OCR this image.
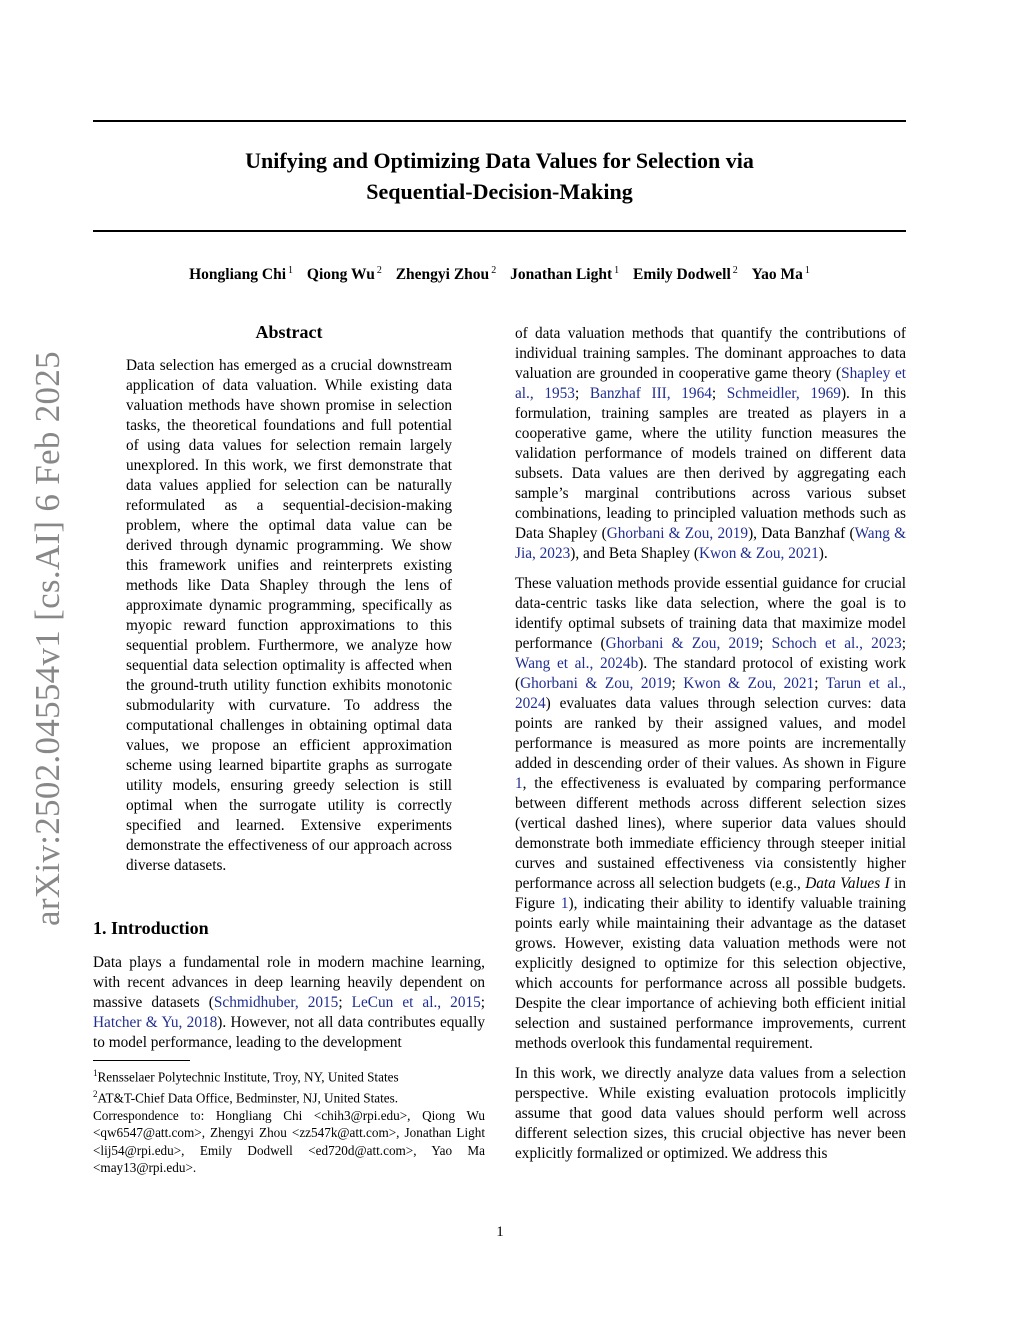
arXiv:2502.04554v1 [cs.AI] 6 Feb 2025
Unifying and Optimizing Data Values for Selection via
Sequential-Decision-Making
Hongliang Chi $^1$ Qiong Wu $^2$ Zhengyi Zhou $^2$ Jonathan Light $^1$ Emily Dodwell $^2$ Yao Ma $^1$
Abstract

Data selection has emerged as a crucial downstream application of data valuation. While existing data valuation methods have shown promise in selection tasks, the theoretical foundations and full potential of using data values for selection remain largely unexplored. In this work, we first demonstrate that data values applied for selection can be naturally reformulated as a sequential-decision-making problem, where the optimal data value can be derived through dynamic programming. We show this framework unifies and reinterprets existing methods like Data Shapley through the lens of approximate dynamic programming, specifically as myopic reward function approximations to this sequential problem. Furthermore, we analyze how sequential data selection optimality is affected when the ground-truth utility function exhibits monotonic submodularity with curvature. To address the computational challenges in obtaining optimal data values, we propose an efficient approximation scheme using learned bipartite graphs as surrogate utility models, ensuring greedy selection is still optimal when the surrogate utility is correctly specified and learned. Extensive experiments demonstrate the effectiveness of our approach across diverse datasets.

1. Introduction

Data plays a fundamental role in modern machine learning, with recent advances in deep learning heavily dependent on massive datasets (Schmidhuber, 2015; LeCun et al., 2015; Hatcher & Yu, 2018). However, not all data contributes equally to model performance, leading to the development

of data valuation methods that quantify the contributions of individual training samples. The dominant approaches to data valuation are grounded in cooperative game theory (Shapley et al., 1953; Banzhaf III, 1964; Schmeidler, 1969). In this formulation, training samples are treated as players in a cooperative game, where the utility function measures the validation performance of models trained on different data subsets. Data values are then derived by aggregating each sample’s marginal contributions across various subset combinations, leading to principled valuation methods such as Data Shapley (Ghorbani & Zou, 2019), Data Banzhaf (Wang & Jia, 2023), and Beta Shapley (Kwon & Zou, 2021).

These valuation methods provide essential guidance for crucial data-centric tasks like data selection, where the goal is to identify optimal subsets of training data that maximize model performance (Ghorbani & Zou, 2019; Schoch et al., 2023; Wang et al., 2024b). The standard protocol of existing work (Ghorbani & Zou, 2019; Kwon & Zou, 2021; Tarun et al., 2024) evaluates data values through selection curves: data points are ranked by their assigned values, and model performance is measured as more points are incrementally added in descending order of their values. As shown in Figure 1, the effectiveness is evaluated by comparing performance between different methods across different selection sizes (vertical dashed lines), where superior data values should demonstrate both immediate efficiency through steeper initial curves and sustained effectiveness via consistently higher performance across all selection budgets (e.g., Data Values I in Figure 1), indicating their ability to identify valuable training points early while maintaining their advantage as the dataset grows. However, existing data valuation methods were not explicitly designed to optimize for this selection objective, which accounts for performance across all possible budgets. Despite the clear importance of achieving both efficient initial selection and sustained performance improvements, current methods overlook this fundamental requirement.

In this work, we directly analyze data values from a selection perspective. While existing evaluation protocols implicitly assume that good data values should perform well across different selection sizes, this crucial objective has never been explicitly formalized or optimized. We address this

$^1$Rensselaer Polytechnic Institute, Troy, NY, United States

$^2$AT&T-Chief Data Office, Bedminster, NJ, United States.

Correspondence to: Hongliang Chi <chih3@rpi.edu>, Qiong Wu <qw6547@att.com>, Zhengyi Zhou <zz547k@att.com>, Jonathan Light <lij54@rpi.edu>, Emily Dodwell <ed720d@att.com>, Yao Ma <may13@rpi.edu>.

1
